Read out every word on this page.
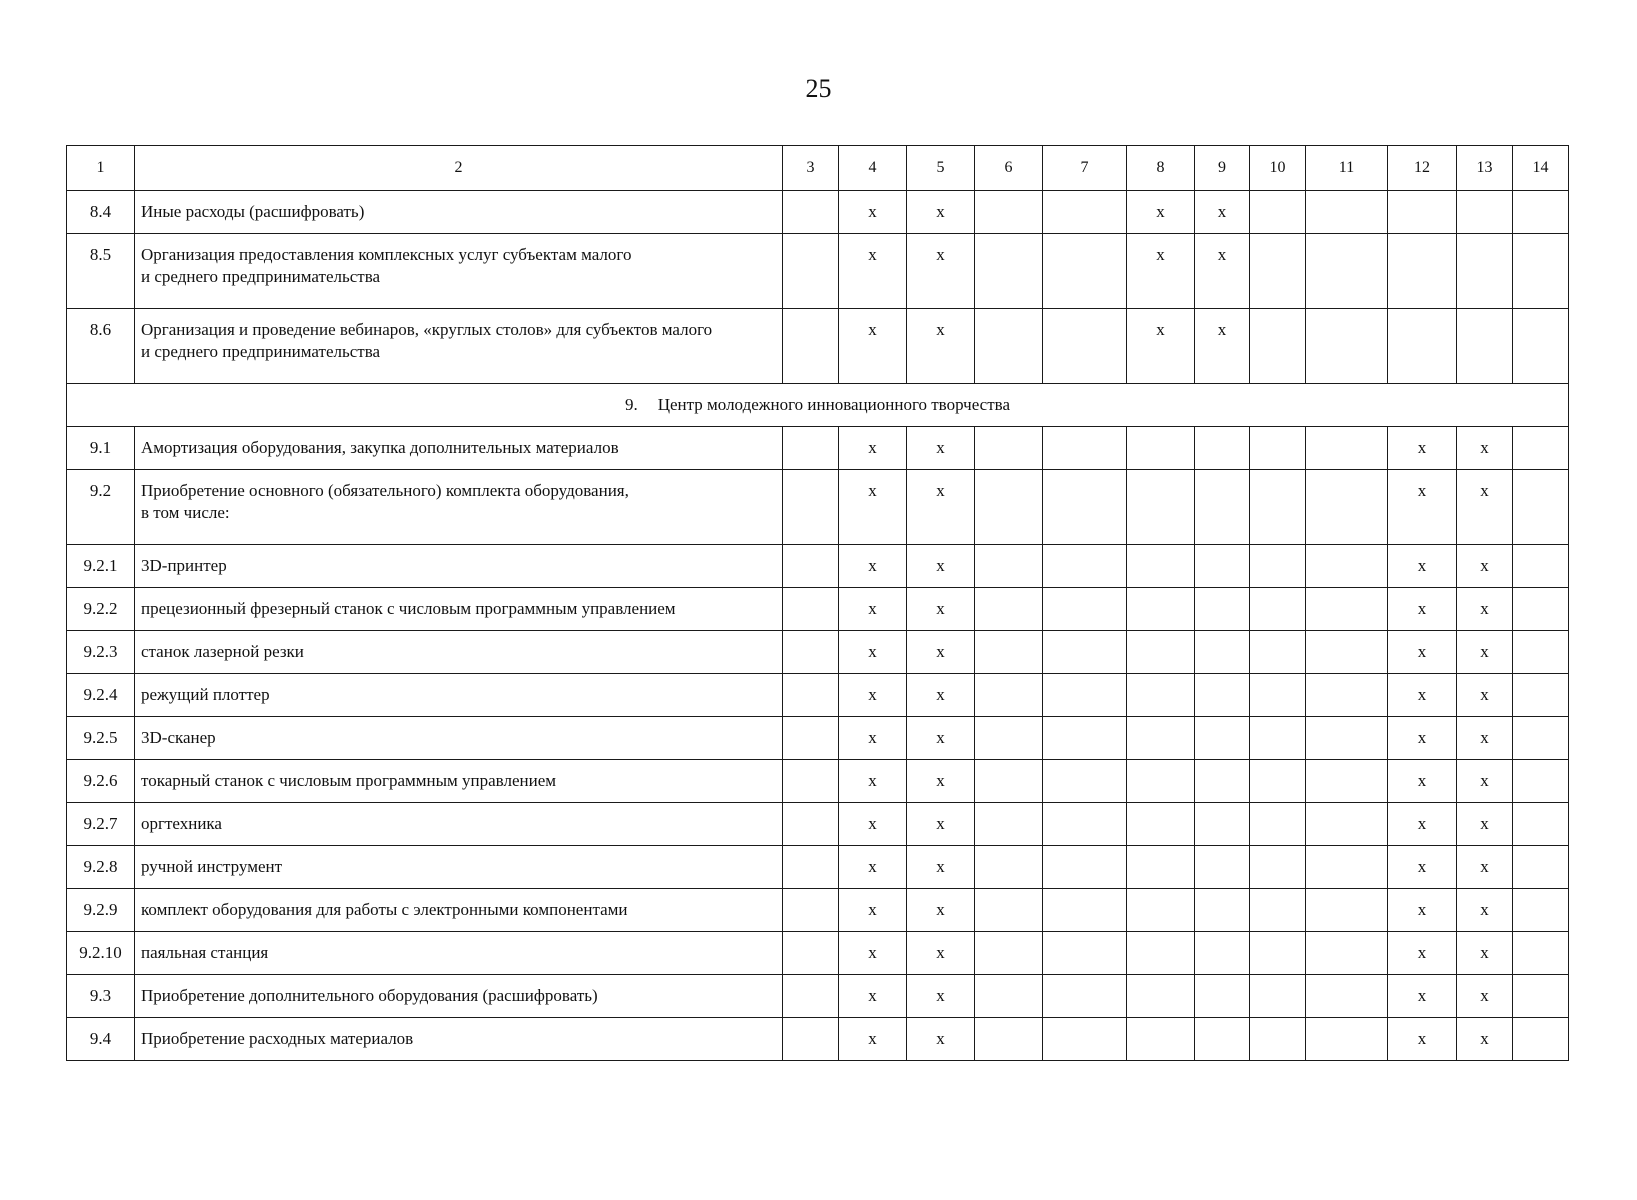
25
1	2	3	4	5	6	7	8	9	10	11	12	13	14
8.4	Иные расходы (расшифровать)		x	x			x	x					
8.5	Организация предоставления комплексных услуг субъектам малого
и среднего предпринимательства		x	x			x	x					
8.6	Организация и проведение вебинаров, «круглых столов» для субъектов малого
и среднего предпринимательства		x	x			x	x					
9. Центр молодежного инновационного творчества													
9.1	Амортизация оборудования, закупка дополнительных материалов		x	x							x	x	
9.2	Приобретение основного (обязательного) комплекта оборудования,
в том числе:		x	x							x	x	
9.2.1	3D-принтер		x	x							x	x	
9.2.2	прецезионный фрезерный станок с числовым программным управлением		x	x							x	x	
9.2.3	станок лазерной резки		x	x							x	x	
9.2.4	режущий плоттер		x	x							x	x	
9.2.5	3D-сканер		x	x							x	x	
9.2.6	токарный станок с числовым программным управлением		x	x							x	x	
9.2.7	оргтехника		x	x							x	x	
9.2.8	ручной инструмент		x	x							x	x	
9.2.9	комплект оборудования для работы с электронными компонентами		x	x							x	x	
9.2.10	паяльная станция		x	x							x	x	
9.3	Приобретение дополнительного оборудования (расшифровать)		x	x							x	x	
9.4	Приобретение расходных материалов		x	x							x	x	
